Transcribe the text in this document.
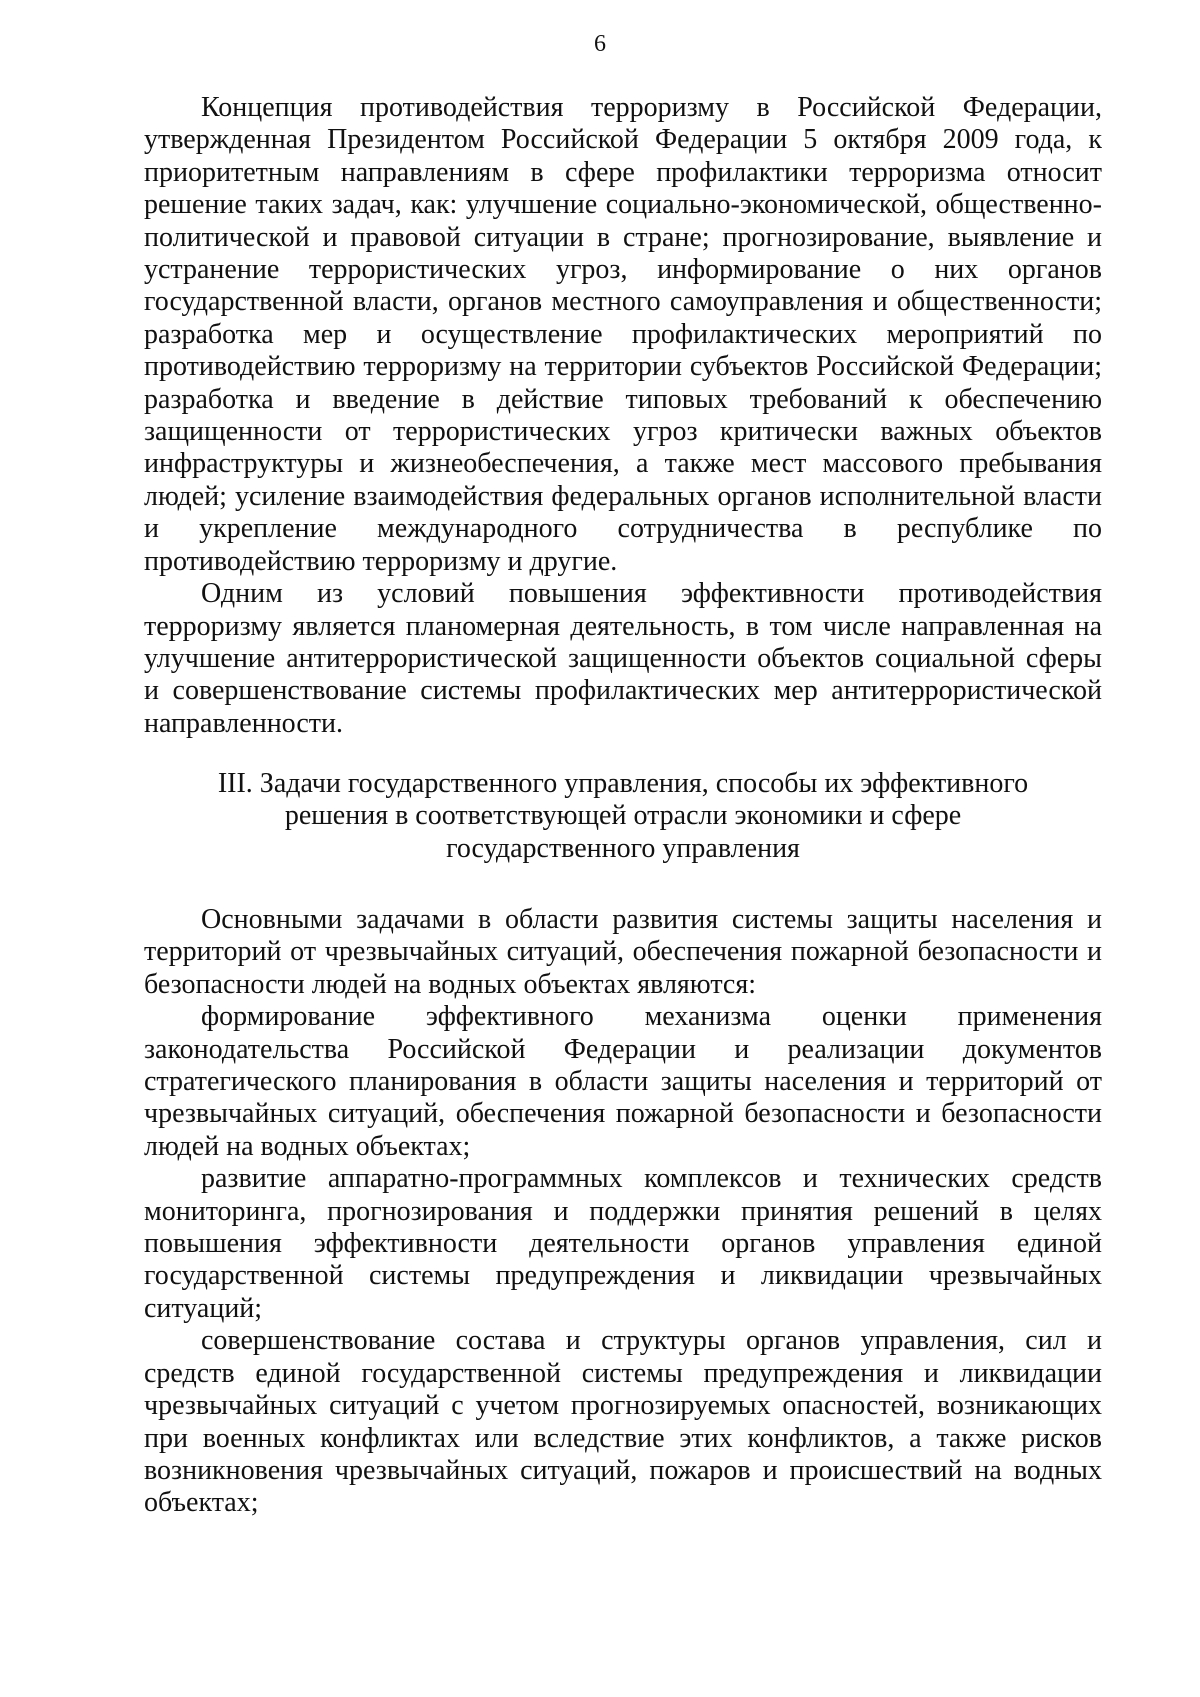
6

Концепция противодействия терроризму в Российской Федерации, утвержденная Президентом Российской Федерации 5 октября 2009 года, к приоритетным направлениям в сфере профилактики терроризма относит решение таких задач, как: улучшение социально-экономической, общественно-политической и правовой ситуации в стране; прогнозирование, выявление и устранение террористических угроз, информирование о них органов государственной власти, органов местного самоуправления и общественности; разработка мер и осуществление профилактических мероприятий по противодействию терроризму на территории субъектов Российской Федерации; разработка и введение в действие типовых требований к обеспечению защищенности от террористических угроз критически важных объектов инфраструктуры и жизнеобеспечения, а также мест массового пребывания людей; усиление взаимодействия федеральных органов исполнительной власти и укрепление международного сотрудничества в республике по противодействию терроризму и другие.

Одним из условий повышения эффективности противодействия терроризму является планомерная деятельность, в том числе направленная на улучшение антитеррористической защищенности объектов социальной сферы и совершенствование системы профилактических мер антитеррористической направленности.

III. Задачи государственного управления, способы их эффективного
решения в соответствующей отрасли экономики и сфере
государственного управления

Основными задачами в области развития системы защиты населения и территорий от чрезвычайных ситуаций, обеспечения пожарной безопасности и безопасности людей на водных объектах являются:

формирование эффективного механизма оценки применения законодательства Российской Федерации и реализации документов стратегического планирования в области защиты населения и территорий от чрезвычайных ситуаций, обеспечения пожарной безопасности и безопасности людей на водных объектах;

развитие аппаратно-программных комплексов и технических средств мониторинга, прогнозирования и поддержки принятия решений в целях повышения эффективности деятельности органов управления единой государственной системы предупреждения и ликвидации чрезвычайных ситуаций;

совершенствование состава и структуры органов управления, сил и средств единой государственной системы предупреждения и ликвидации чрезвычайных ситуаций с учетом прогнозируемых опасностей, возникающих при военных конфликтах или вследствие этих конфликтов, а также рисков возникновения чрезвычайных ситуаций, пожаров и происшествий на водных объектах;
